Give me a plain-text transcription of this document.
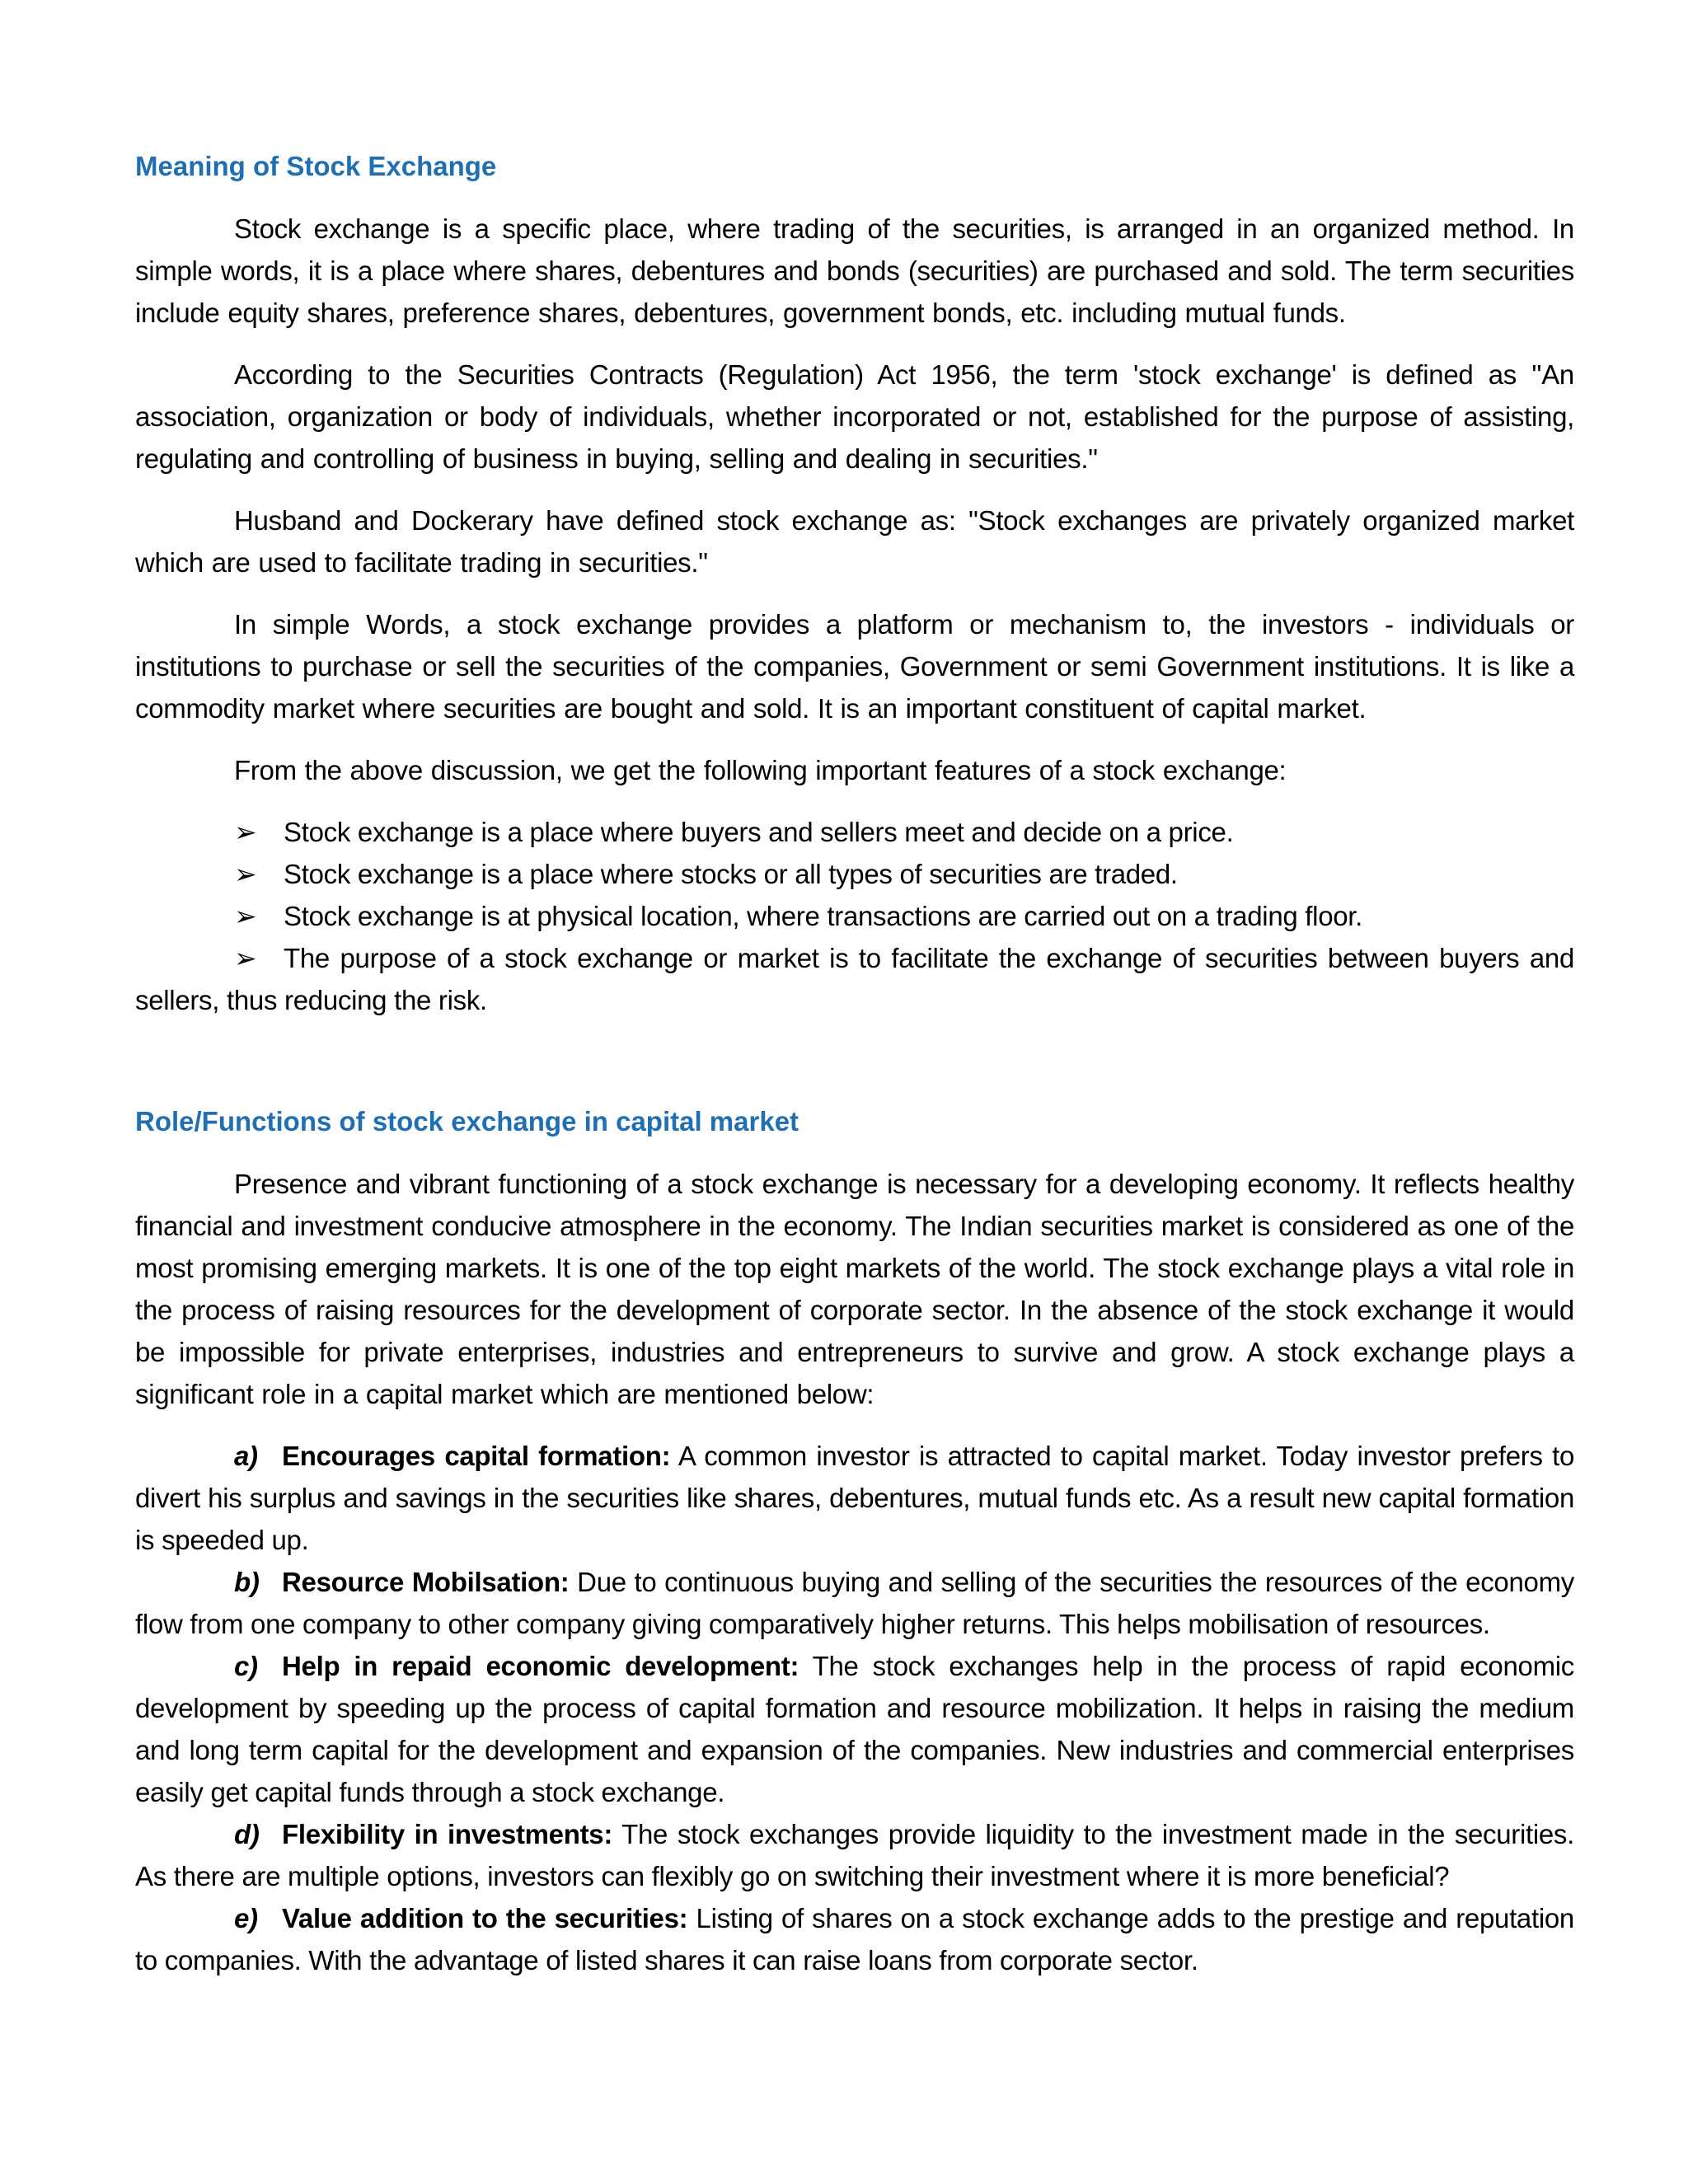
Meaning of Stock Exchange

Stock exchange is a specific place, where trading of the securities, is arranged in an organized method. In simple words, it is a place where shares, debentures and bonds (securities) are purchased and sold. The term securities include equity shares, preference shares, debentures, government bonds, etc. including mutual funds.

According to the Securities Contracts (Regulation) Act 1956, the term 'stock exchange' is defined as ''An association, organization or body of individuals, whether incorporated or not, established for the purpose of assisting, regulating and controlling of business in buying, selling and dealing in securities."

Husband and Dockerary have defined stock exchange as: "Stock exchanges are privately organized market which are used to facilitate trading in securities."

In simple Words, a stock exchange provides a platform or mechanism to, the investors - individuals or institutions to purchase or sell the securities of the companies, Government or semi Government institutions. It is like a commodity market where securities are bought and sold. It is an important constituent of capital market.

From the above discussion, we get the following important features of a stock exchange:

➢ Stock exchange is a place where buyers and sellers meet and decide on a price.
➢ Stock exchange is a place where stocks or all types of securities are traded.
➢ Stock exchange is at physical location, where transactions are carried out on a trading floor.
➢ The purpose of a stock exchange or market is to facilitate the exchange of securities between buyers and sellers, thus reducing the risk.
Role/Functions of stock exchange in capital market

Presence and vibrant functioning of a stock exchange is necessary for a developing economy. It reflects healthy financial and investment conducive atmosphere in the economy. The Indian securities market is considered as one of the most promising emerging markets. It is one of the top eight markets of the world. The stock exchange plays a vital role in the process of raising resources for the development of corporate sector. In the absence of the stock exchange it would be impossible for private enterprises, industries and entrepreneurs to survive and grow. A stock exchange plays a significant role in a capital market which are mentioned below:

a) Encourages capital formation: A common investor is attracted to capital market. Today investor prefers to divert his surplus and savings in the securities like shares, debentures, mutual funds etc. As a result new capital formation is speeded up.

b) Resource Mobilsation: Due to continuous buying and selling of the securities the resources of the economy flow from one company to other company giving comparatively higher returns. This helps mobilisation of resources.

c) Help in repaid economic development: The stock exchanges help in the process of rapid economic development by speeding up the process of capital formation and resource mobilization. It helps in raising the medium and long term capital for the development and expansion of the companies. New industries and commercial enterprises easily get capital funds through a stock exchange.

d) Flexibility in investments: The stock exchanges provide liquidity to the investment made in the securities. As there are multiple options, investors can flexibly go on switching their investment where it is more beneficial?

e) Value addition to the securities: Listing of shares on a stock exchange adds to the prestige and reputation to companies. With the advantage of listed shares it can raise loans from corporate sector.
